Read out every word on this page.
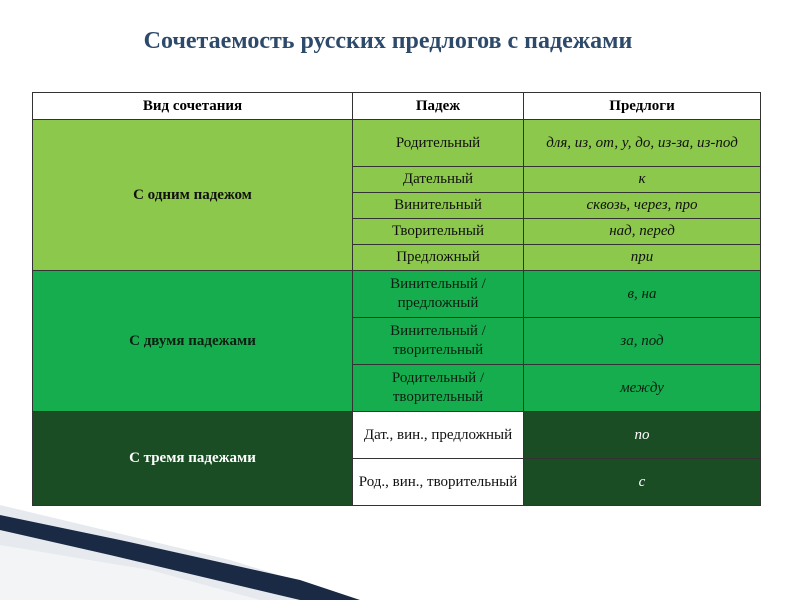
Сочетаемость русских предлогов с падежами
Вид сочетания	Падеж	Предлоги
С одним падежом	Родительный	для, из, от, у, до, из-за, из-под
	Дательный	к
	Винительный	сквозь, через, про
	Творительный	над, перед
	Предложный	при
С двумя падежами	Винительный / предложный	в, на
	Винительный / творительный	за, под
	Родительный / творительный	между
С тремя падежами	Дат., вин., предложный	по
	Род., вин., творительный	с
